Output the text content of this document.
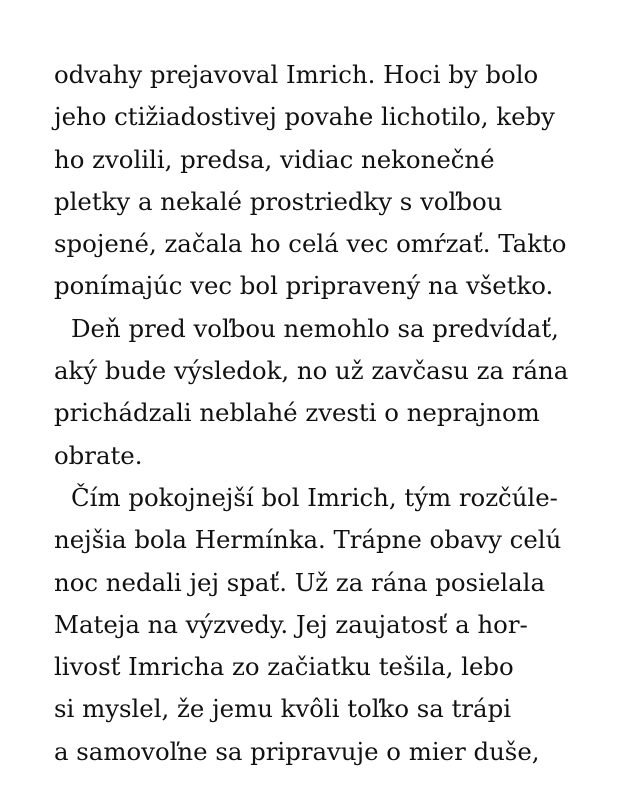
odvahy prejavoval Imrich. Hoci by bolo
jeho ctižiadostivej povahe lichotilo, keby
ho zvolili, predsa, vidiac nekonečné
pletky a nekalé prostriedky s voľbou
spojené, začala ho celá vec omŕzať. Takto
ponímajúc vec bol pripravený na všetko.
Deň pred voľbou nemohlo sa predvídať,
aký bude výsledok, no už zavčasu za rána
prichádzali neblahé zvesti o neprajnom
obrate.
Čím pokojnejší bol Imrich, tým rozčúle-
nejšia bola Hermínka. Trápne obavy celú
noc nedali jej spať. Už za rána posielala
Mateja na výzvedy. Jej zaujatosť a hor-
livosť Imricha zo začiatku tešila, lebo
si myslel, že jemu kvôli toľko sa trápi
a samovoľne sa pripravuje o mier duše,
